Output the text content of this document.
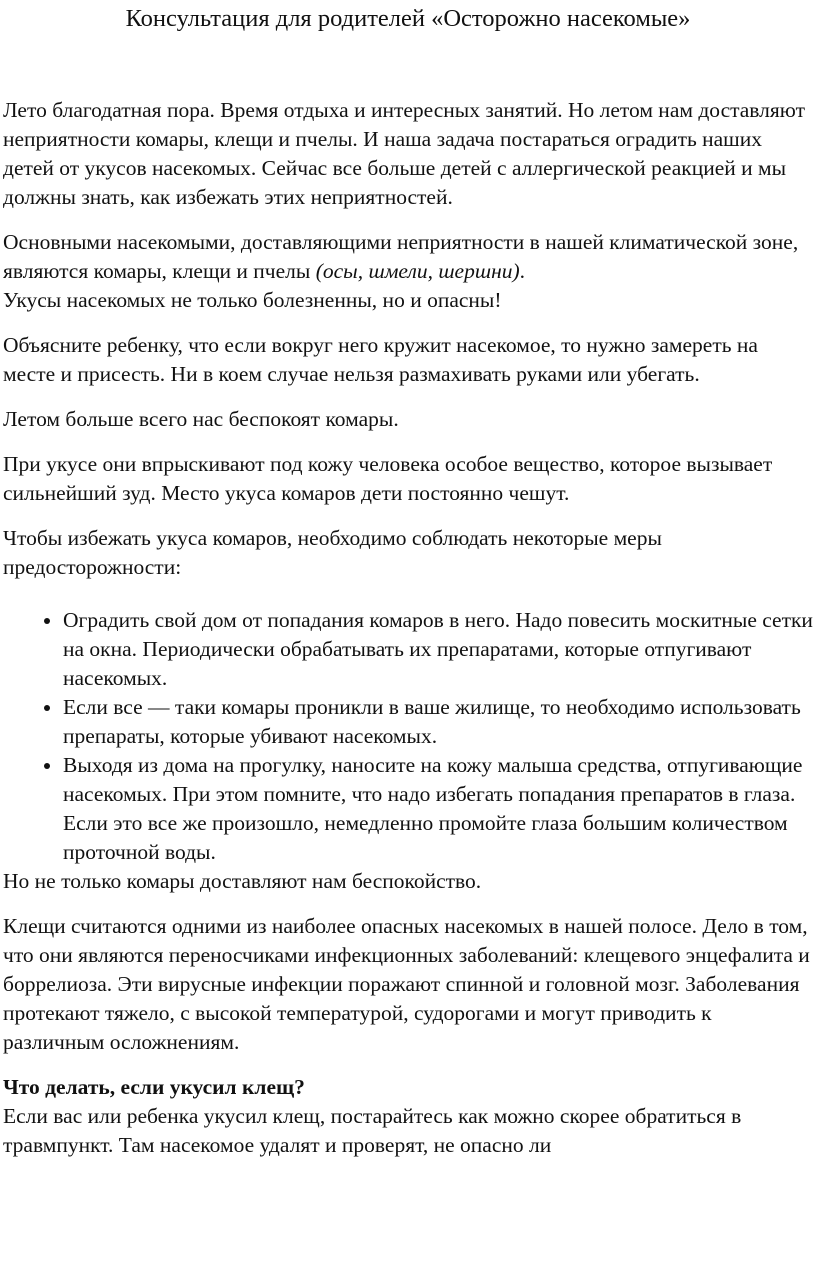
Консультация для родителей «Осторожно насекомые»

Лето благодатная пора. Время отдыха и интересных занятий. Но летом нам доставляют неприятности комары, клещи и пчелы. И наша задача постараться оградить наших детей от укусов насекомых. Сейчас все больше детей с аллергической реакцией и мы должны знать, как избежать этих неприятностей.

Основными насекомыми, доставляющими неприятности в нашей климатической зоне, являются комары, клещи и пчелы (осы, шмели, шершни).
Укусы насекомых не только болезненны, но и опасны!

Объясните ребенку, что если вокруг него кружит насекомое, то нужно замереть на месте и присесть. Ни в коем случае нельзя размахивать руками или убегать.

Летом больше всего нас беспокоят комары.

При укусе они впрыскивают под кожу человека особое вещество, которое вызывает сильнейший зуд. Место укуса комаров дети постоянно чешут.

Чтобы избежать укуса комаров, необходимо соблюдать некоторые меры предосторожности:

• Оградить свой дом от попадания комаров в него. Надо повесить москитные сетки на окна. Периодически обрабатывать их препаратами, которые отпугивают насекомых.
• Если все — таки комары проникли в ваше жилище, то необходимо использовать препараты, которые убивают насекомых.
• Выходя из дома на прогулку, наносите на кожу малыша средства, отпугивающие насекомых. При этом помните, что надо избегать попадания препаратов в глаза. Если это все же произошло, немедленно промойте глаза большим количеством проточной воды.

Но не только комары доставляют нам беспокойство.

Клещи считаются одними из наиболее опасных насекомых в нашей полосе. Дело в том, что они являются переносчиками инфекционных заболеваний: клещевого энцефалита и боррелиоза. Эти вирусные инфекции поражают спинной и головной мозг. Заболевания протекают тяжело, с высокой температурой, судорогами и могут приводить к различным осложнениям.

Что делать, если укусил клещ?
Если вас или ребенка укусил клещ, постарайтесь как можно скорее обратиться в травмпункт. Там насекомое удалят и проверят, не опасно ли
